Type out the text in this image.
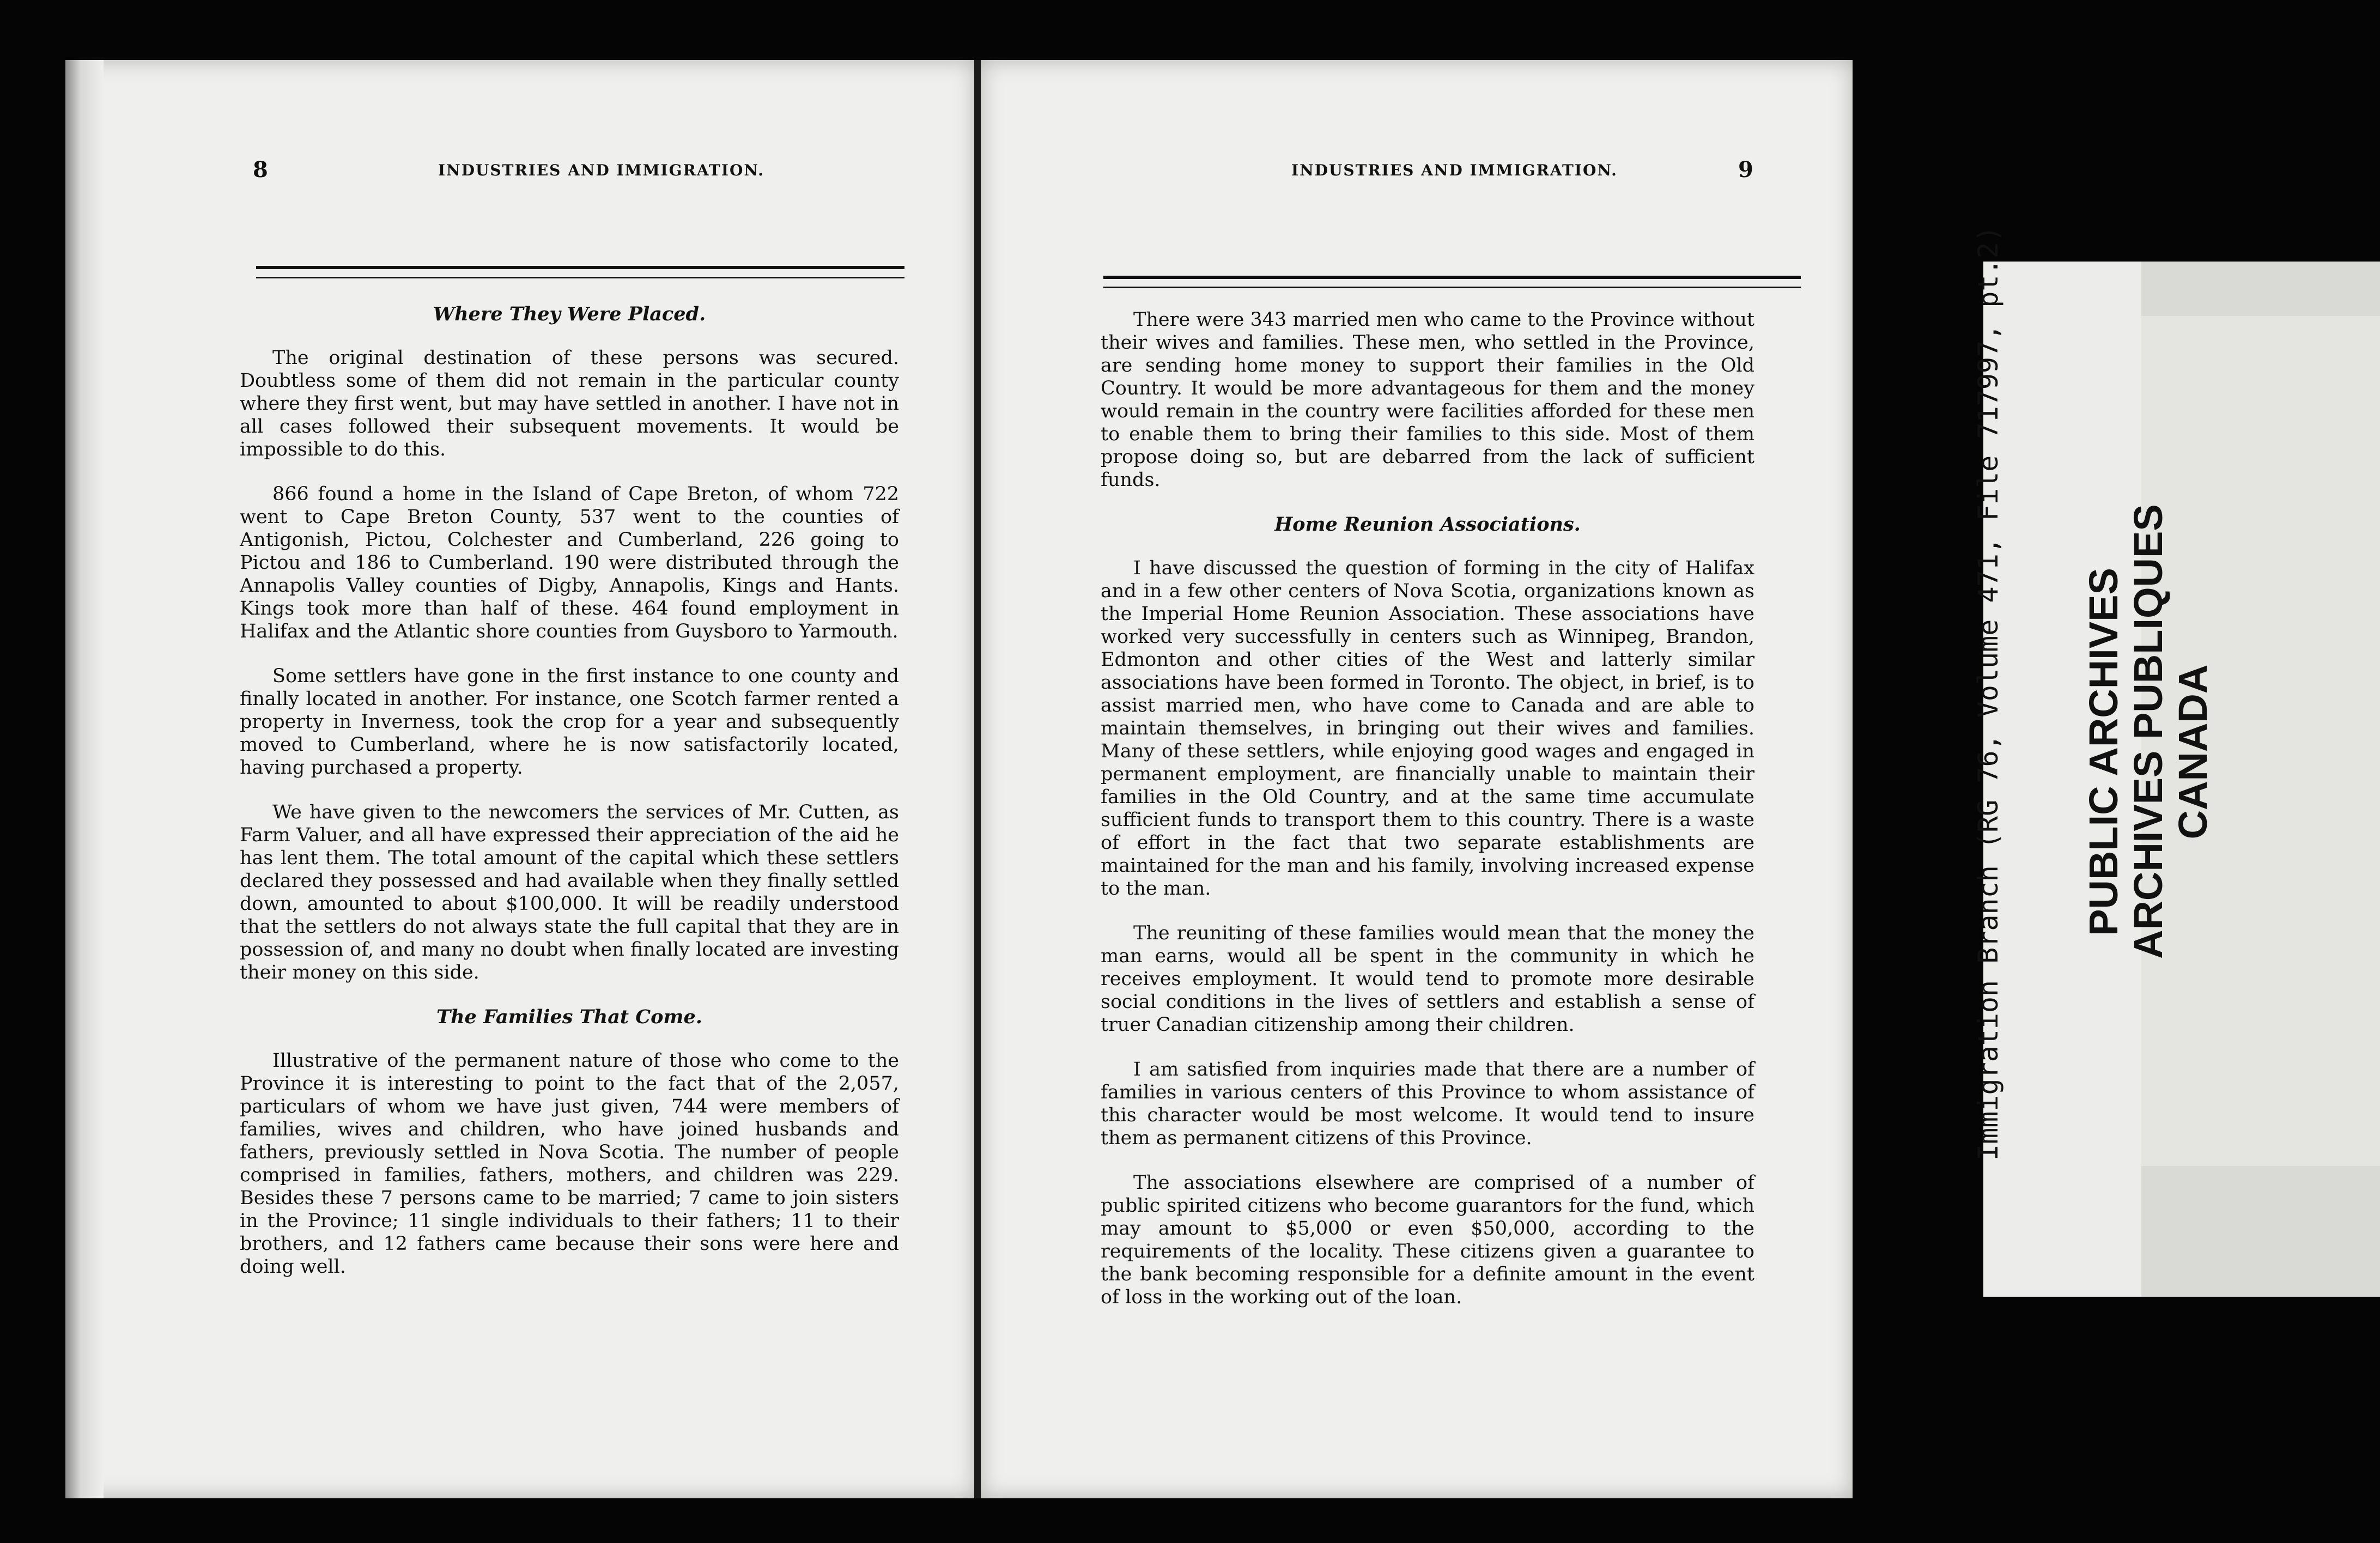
8	INDUSTRIES AND IMMIGRATION.
Where They Were Placed.

The original destination of these persons was secured. Doubtless some of them did not remain in the particular county where they first went, but may have settled in another. I have not in all cases followed their subsequent movements. It would be impossible to do this.

866 found a home in the Island of Cape Breton, of whom 722 went to Cape Breton County, 537 went to the counties of Antigonish, Pictou, Colchester and Cumberland, 226 going to Pictou and 186 to Cumberland. 190 were distributed through the Annapolis Valley counties of Digby, Annapolis, Kings and Hants. Kings took more than half of these. 464 found employment in Halifax and the Atlantic shore counties from Guysboro to Yarmouth.

Some settlers have gone in the first instance to one county and finally located in another. For instance, one Scotch farmer rented a property in Inverness, took the crop for a year and subsequently moved to Cumberland, where he is now satisfactorily located, having purchased a property.

We have given to the newcomers the services of Mr. Cutten, as Farm Valuer, and all have expressed their appreciation of the aid he has lent them. The total amount of the capital which these settlers declared they possessed and had available when they finally settled down, amounted to about $100,000. It will be readily understood that the settlers do not always state the full capital that they are in possession of, and many no doubt when finally located are investing their money on this side.

The Families That Come.

Illustrative of the permanent nature of those who come to the Province it is interesting to point to the fact that of the 2,057, particulars of whom we have just given, 744 were members of families, wives and children, who have joined husbands and fathers, previously settled in Nova Scotia. The number of people comprised in families, fathers, mothers, and children was 229. Besides these 7 persons came to be married; 7 came to join sisters in the Province; 11 single individuals to their fathers; 11 to their brothers, and 12 fathers came because their sons were here and doing well.

INDUSTRIES AND IMMIGRATION.	9

There were 343 married men who came to the Province without their wives and families. These men, who settled in the Province, are sending home money to support their families in the Old Country. It would be more advantageous for them and the money would remain in the country were facilities afforded for these men to enable them to bring their families to this side. Most of them propose doing so, but are debarred from the lack of sufficient funds.

Home Reunion Associations.

I have discussed the question of forming in the city of Halifax and in a few other centers of Nova Scotia, organizations known as the Imperial Home Reunion Association. These associations have worked very successfully in centers such as Winnipeg, Brandon, Edmonton and other cities of the West and latterly similar associations have been formed in Toronto. The object, in brief, is to assist married men, who have come to Canada and are able to maintain themselves, in bringing out their wives and families. Many of these settlers, while enjoying good wages and engaged in permanent employment, are financially unable to maintain their families in the Old Country, and at the same time accumulate sufficient funds to transport them to this country. There is a waste of effort in the fact that two separate establishments are maintained for the man and his family, involving increased expense to the man.

The reuniting of these families would mean that the money the man earns, would all be spent in the community in which he receives employment. It would tend to promote more desirable social conditions in the lives of settlers and establish a sense of truer Canadian citizenship among their children.

I am satisfied from inquiries made that there are a number of families in various centers of this Province to whom assistance of this character would be most welcome. It would tend to insure them as permanent citizens of this Province.

The associations elsewhere are comprised of a number of public spirited citizens who become guarantors for the fund, which may amount to $5,000 or even $50,000, according to the requirements of the locality. These citizens given a guarantee to the bank becoming responsible for a definite amount in the event of loss in the working out of the loan.

Immigration Branch (RG 76, Volume 471, File 717997, pt.2) PUBLIC ARCHIVES ARCHIVES PUBLIQUES CANADA
